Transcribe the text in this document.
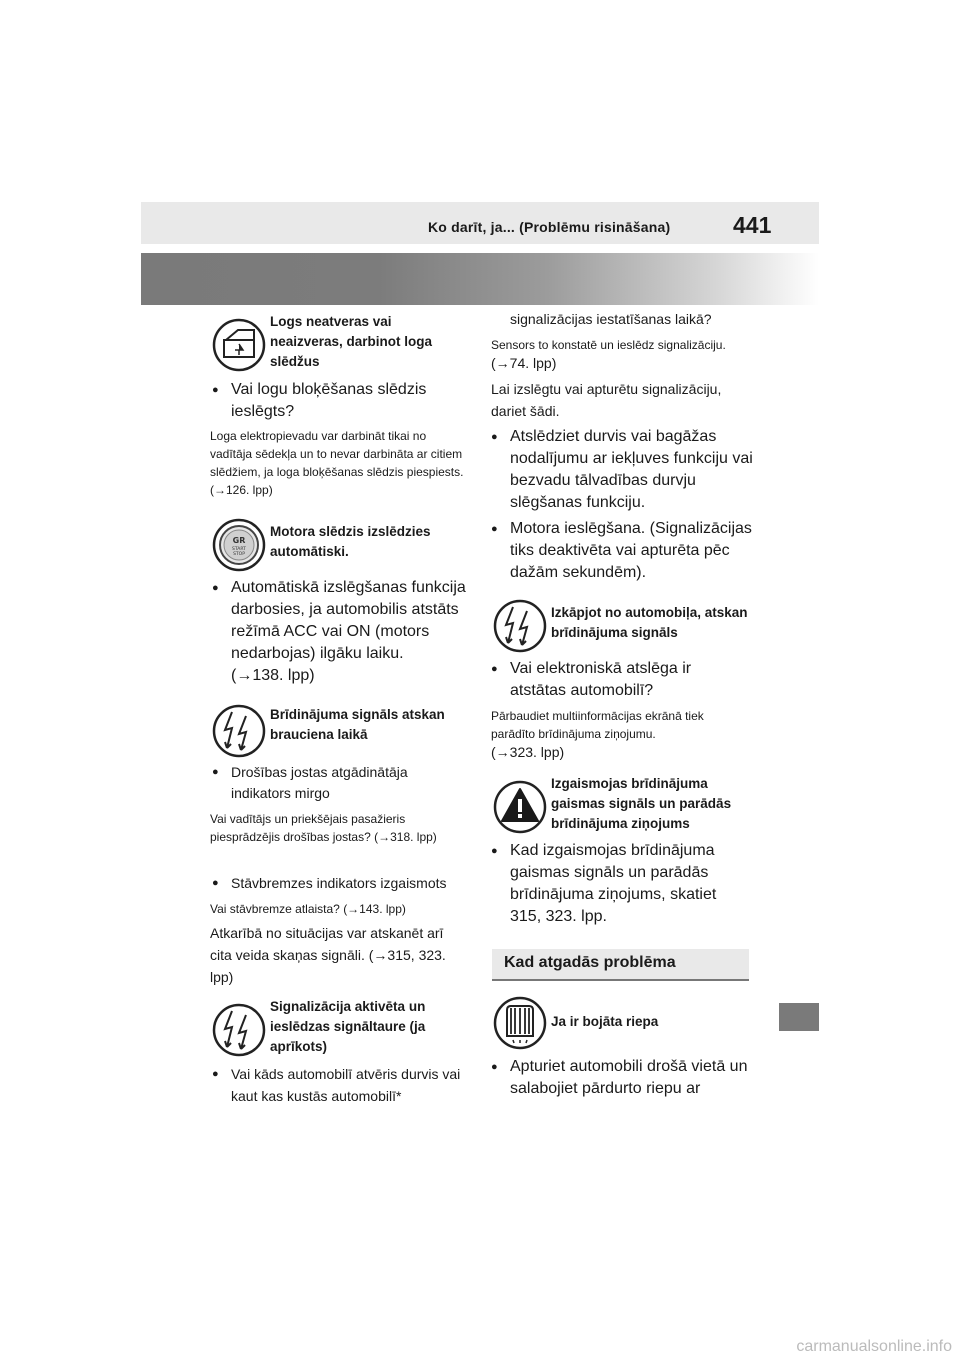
Ko darīt, ja... (Problēmu risināšana)	441
Logs neatveras vai neaizveras, darbinot loga slēdžus
● Vai logu bloķēšanas slēdzis ieslēgts?
Loga elektropievadu var darbināt tikai no vadītāja sēdekļa un to nevar darbināta ar citiem slēdžiem, ja loga bloķēšanas slēdzis piespiests. (→126. lpp)
GR
START
STOP
Motora slēdzis izslēdzies automātiski.
● Automātiskā izslēgšanas funkcija darbosies, ja automobilis atstāts režīmā ACC vai ON (motors nedarbojas) ilgāku laiku.
(→138. lpp)
Brīdinājuma signāls atskan brauciena laikā
● Drošības jostas atgādinātāja indikators mirgo
Vai vadītājs un priekšējais pasažieris piesprādzējis drošības jostas? (→318. lpp)
● Stāvbremzes indikators izgaismots
Vai stāvbremze atlaista? (→143. lpp)
Atkarībā no situācijas var atskanēt arī cita veida skaņas signāli. (→315, 323. lpp)
Signalizācija aktivēta un ieslēdzas signāltaure (ja aprīkots)
● Vai kāds automobilī atvēris durvis vai kaut kas kustās automobilī*
signalizācijas iestatīšanas laikā?
Sensors to konstatē un ieslēdz signalizāciju.
(→74. lpp)
Lai izslēgtu vai apturētu signalizāciju, dariet šādi.
● Atslēdziet durvis vai bagāžas nodalījumu ar iekļuves funkciju vai bezvadu tālvadības durvju slēgšanas funkciju.
● Motora ieslēgšana. (Signalizācijas tiks deaktivēta vai apturēta pēc dažām sekundēm).
Izkāpjot no automobiļa, atskan brīdinājuma signāls
● Vai elektroniskā atslēga ir atstātas automobilī?
Pārbaudiet multiinformācijas ekrānā tiek parādīto brīdinājuma ziņojumu.
(→323. lpp)
Izgaismojas brīdinājuma gaismas signāls un parādās brīdinājuma ziņojums
● Kad izgaismojas brīdinājuma gaismas signāls un parādās brīdinājuma ziņojums, skatiet 315, 323. lpp.
Kad atgadās problēma
Ja ir bojāta riepa
● Apturiet automobili drošā vietā un salabojiet pārdurto riepu ar
carmanualsonline.info
